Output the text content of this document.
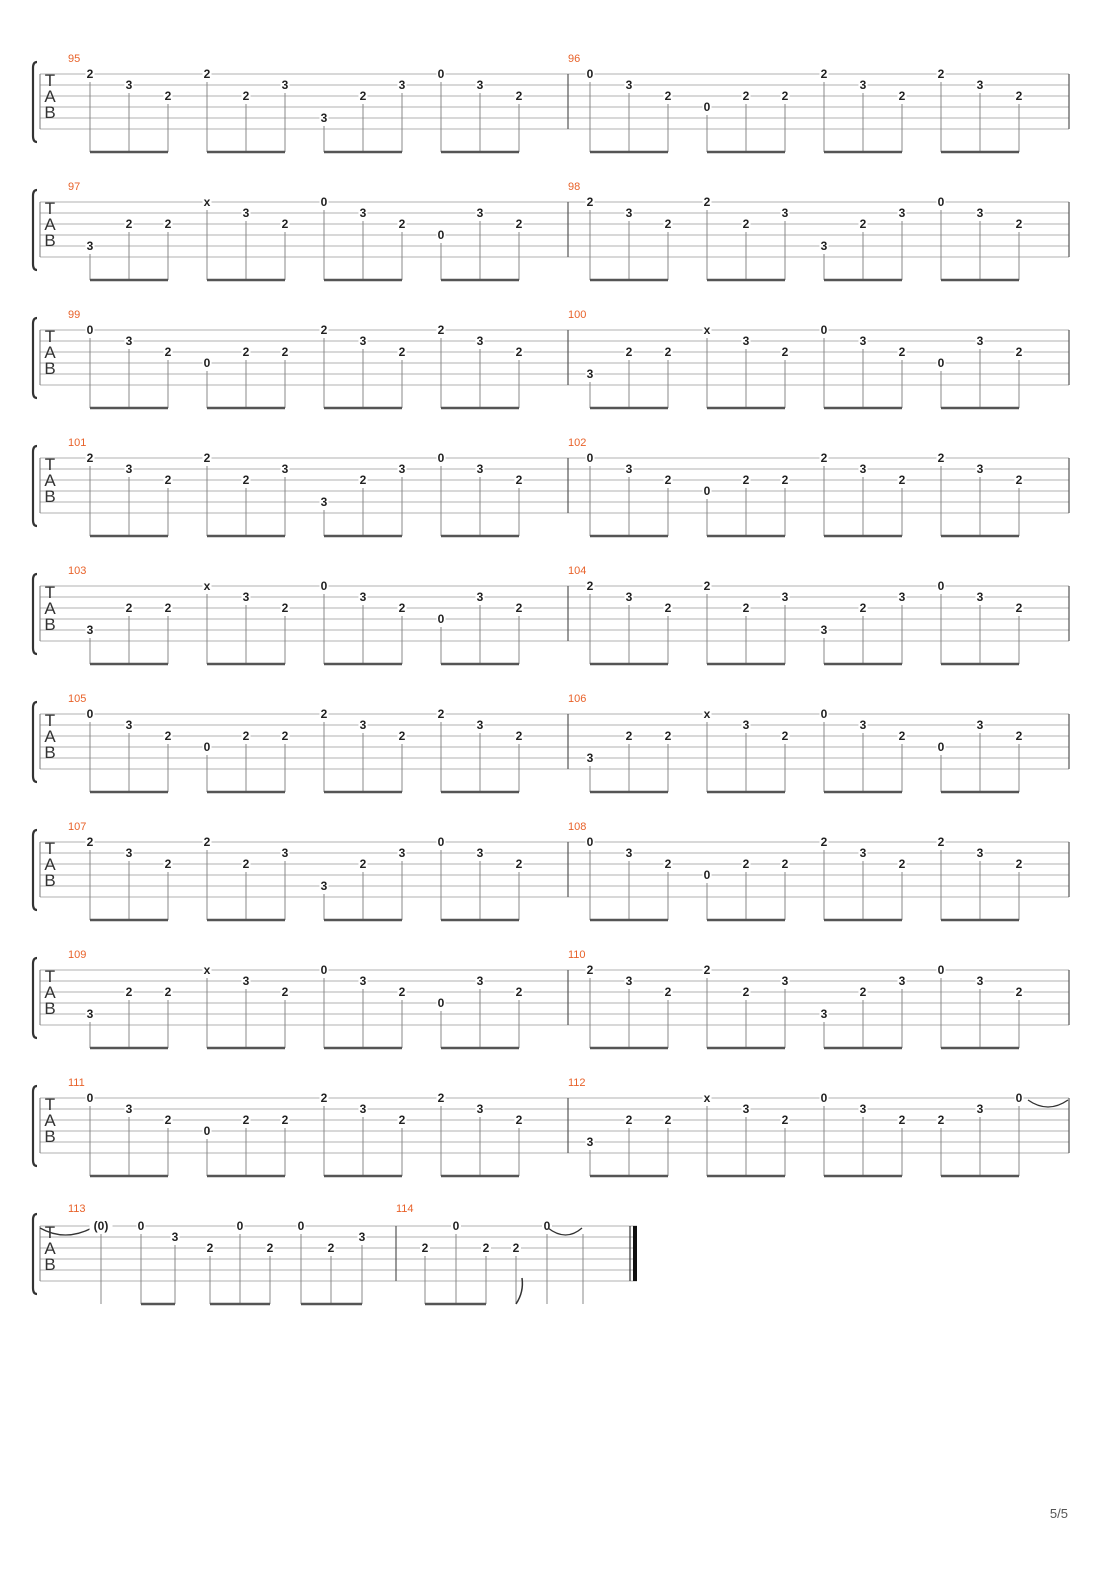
T
A
B
95
2
3
2
2
2
3
3
2
3
0
3
2
96
0
3
2
0
2	2
2
3
2
2
3
2
T
A
B
97
3
2	2
x
3
2
0
3
2
0
3
2
98
2
3
2
2
2
3
3
2
3
0
3
2
T
A
B
99
0
3
2
0
2	2
2
3
2
2
3
2
100
3
2	2
x
3
2
0
3
2
0
3
2
T
A
B
101
2
3
2
2
2
3
3
2
3
0
3
2
102
0
3
2
0
2	2
2
3
2
2
3
2
T
A
B
103
3
2	2
x
3
2
0
3
2
0
3
2
104
2
3
2
2
2
3
3
2
3
0
3
2
T
A
B
105
0
3
2
0
2	2
2
3
2
2
3
2
106
3
2	2
x
3
2
0
3
2
0
3
2
T
A
B
107
2
3
2
2
2
3
3
2
3
0
3
2
108
0
3
2
0
2	2
2
3
2
2
3
2
T
A
B
109
3
2	2
x
3
2
0
3
2
0
3
2
110
2
3
2
2
2
3
3
2
3
0
3
2
T
A
B
111
0
3
2
0
2	2
2
3
2
2
3
2
112
3
2	2
x
3
2
0
3
2	2
3
0
T
A
B
113
(0) 0
3
2
0
2
0
2
3
114
2
0
2 2
0
5/5
